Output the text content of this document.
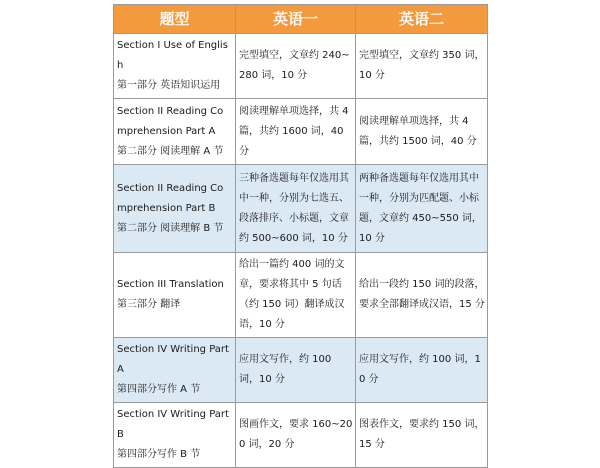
题型	英语一	英语二

Section I Use of English
第一部分 英语知识运用	完型填空，文章约 240~280 词，10 分	完型填空，文章约 350 词，10 分

Section II Reading Comprehension Part A
第二部分 阅读理解 A 节	阅读理解单项选择，共 4 篇，共约 1600 词，40 分	阅读理解单项选择，共 4 篇，共约 1500 词，40 分

Section II Reading Comprehension Part B
第二部分 阅读理解 B 节	三种备选题每年仅选用其中一种，分别为七选五、段落排序、小标题，文章约 500~600 词，10 分	两种备选题每年仅选用其中一种，分别为匹配题、小标题，文章约 450~550 词，10 分

Section III Translation
第三部分 翻译	给出一篇约 400 词的文章，要求将其中 5 句话（约 150 词）翻译成汉语，10 分	给出一段约 150 词的段落，要求全部翻译成汉语，15 分

Section IV Writing Part A
第四部分写作 A 节	应用文写作，约 100 词，10 分	应用文写作，约 100 词，10 分

Section IV Writing Part B
第四部分写作 B 节	图画作文，要求 160~200 词，20 分	图表作文，要求约 150 词，15 分
